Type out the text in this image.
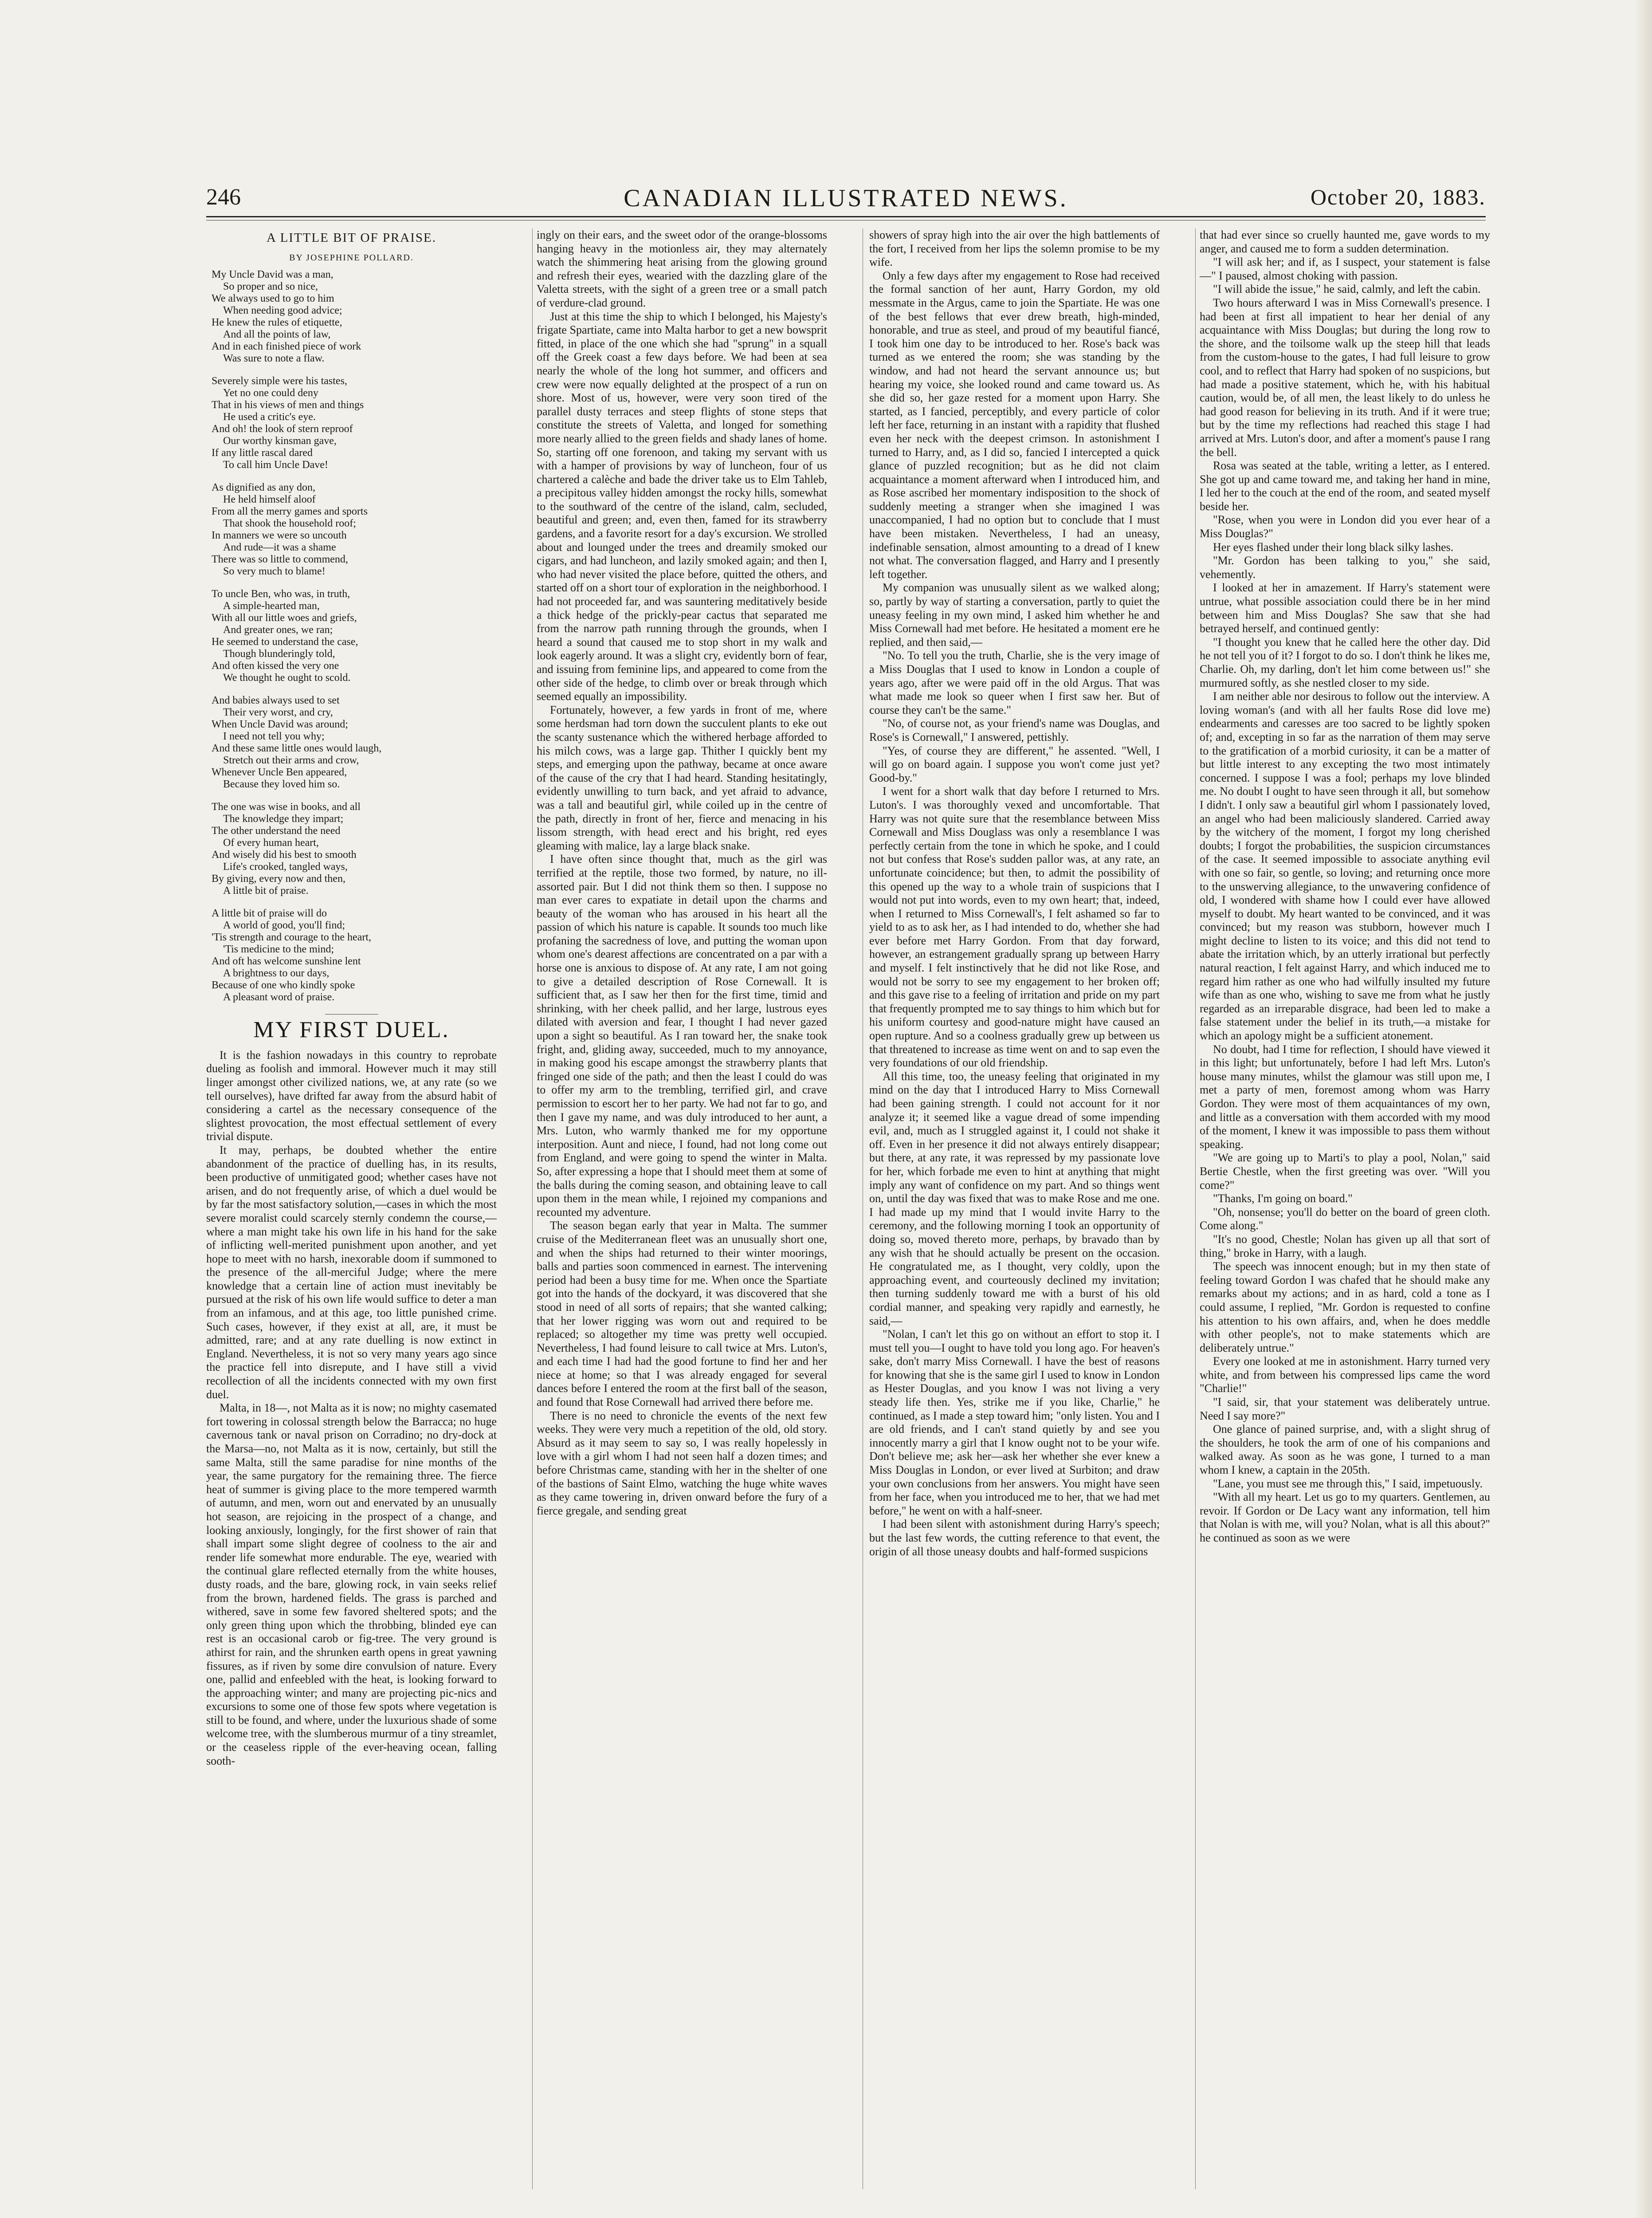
246	CANADIAN ILLUSTRATED NEWS.	October 20, 1883.
A LITTLE BIT OF PRAISE.
BY JOSEPHINE POLLARD.
My Uncle David was a man,
So proper and so nice,
We always used to go to him
When needing good advice;
He knew the rules of etiquette,
And all the points of law,
And in each finished piece of work
Was sure to note a flaw.
Severely simple were his tastes,
Yet no one could deny
That in his views of men and things
He used a critic's eye.
And oh! the look of stern reproof
Our worthy kinsman gave,
If any little rascal dared
To call him Uncle Dave!
As dignified as any don,
He held himself aloof
From all the merry games and sports
That shook the household roof;
In manners we were so uncouth
And rude—it was a shame
There was so little to commend,
So very much to blame!
To uncle Ben, who was, in truth,
A simple-hearted man,
With all our little woes and griefs,
And greater ones, we ran;
He seemed to understand the case,
Though blunderingly told,
And often kissed the very one
We thought he ought to scold.
And babies always used to set
Their very worst, and cry,
When Uncle David was around;
I need not tell you why;
And these same little ones would laugh,
Stretch out their arms and crow,
Whenever Uncle Ben appeared,
Because they loved him so.
The one was wise in books, and all
The knowledge they impart;
The other understand the need
Of every human heart,
And wisely did his best to smooth
Life's crooked, tangled ways,
By giving, every now and then,
A little bit of praise.
A little bit of praise will do
A world of good, you'll find;
'Tis strength and courage to the heart,
'Tis medicine to the mind;
And oft has welcome sunshine lent
A brightness to our days,
Because of one who kindly spoke
A pleasant word of praise.
MY FIRST DUEL.

It is the fashion nowadays in this country to reprobate dueling as foolish and immoral. However much it may still linger amongst other civilized nations, we, at any rate (so we tell ourselves), have drifted far away from the absurd habit of considering a cartel as the necessary consequence of the slightest provocation, the most effectual settlement of every trivial dispute.

It may, perhaps, be doubted whether the entire abandonment of the practice of duelling has, in its results, been productive of unmitigated good; whether cases have not arisen, and do not frequently arise, of which a duel would be by far the most satisfactory solution,—cases in which the most severe moralist could scarcely sternly condemn the course,—where a man might take his own life in his hand for the sake of inflicting well-merited punishment upon another, and yet hope to meet with no harsh, inexorable doom if summoned to the presence of the all-merciful Judge; where the mere knowledge that a certain line of action must inevitably be pursued at the risk of his own life would suffice to deter a man from an infamous, and at this age, too little punished crime. Such cases, however, if they exist at all, are, it must be admitted, rare; and at any rate duelling is now extinct in England. Nevertheless, it is not so very many years ago since the practice fell into disrepute, and I have still a vivid recollection of all the incidents connected with my own first duel.

Malta, in 18—, not Malta as it is now; no mighty casemated fort towering in colossal strength below the Barracca; no huge cavernous tank or naval prison on Corradino; no dry-dock at the Marsa—no, not Malta as it is now, certainly, but still the same Malta, still the same paradise for nine months of the year, the same purgatory for the remaining three. The fierce heat of summer is giving place to the more tempered warmth of autumn, and men, worn out and enervated by an unusually hot season, are rejoicing in the prospect of a change, and looking anxiously, longingly, for the first shower of rain that shall impart some slight degree of coolness to the air and render life somewhat more endurable. The eye, wearied with the continual glare reflected eternally from the white houses, dusty roads, and the bare, glowing rock, in vain seeks relief from the brown, hardened fields. The grass is parched and withered, save in some few favored sheltered spots; and the only green thing upon which the throbbing, blinded eye can rest is an occasional carob or fig-tree. The very ground is athirst for rain, and the shrunken earth opens in great yawning fissures, as if riven by some dire convulsion of nature. Every one, pallid and enfeebled with the heat, is looking forward to the approaching winter; and many are projecting pic-nics and excursions to some one of those few spots where vegetation is still to be found, and where, under the luxurious shade of some welcome tree, with the slumberous murmur of a tiny streamlet, or the ceaseless ripple of the ever-heaving ocean, falling sooth-

ingly on their ears, and the sweet odor of the orange-blossoms hanging heavy in the motionless air, they may alternately watch the shimmering heat arising from the glowing ground and refresh their eyes, wearied with the dazzling glare of the Valetta streets, with the sight of a green tree or a small patch of verdure-clad ground.

Just at this time the ship to which I belonged, his Majesty's frigate Spartiate, came into Malta harbor to get a new bowsprit fitted, in place of the one which she had "sprung" in a squall off the Greek coast a few days before. We had been at sea nearly the whole of the long hot summer, and officers and crew were now equally delighted at the prospect of a run on shore. Most of us, however, were very soon tired of the parallel dusty terraces and steep flights of stone steps that constitute the streets of Valetta, and longed for something more nearly allied to the green fields and shady lanes of home. So, starting off one forenoon, and taking my servant with us with a hamper of provisions by way of luncheon, four of us chartered a calèche and bade the driver take us to Elm Tahleb, a precipitous valley hidden amongst the rocky hills, somewhat to the southward of the centre of the island, calm, secluded, beautiful and green; and, even then, famed for its strawberry gardens, and a favorite resort for a day's excursion. We strolled about and lounged under the trees and dreamily smoked our cigars, and had luncheon, and lazily smoked again; and then I, who had never visited the place before, quitted the others, and started off on a short tour of exploration in the neighborhood. I had not proceeded far, and was sauntering meditatively beside a thick hedge of the prickly-pear cactus that separated me from the narrow path running through the grounds, when I heard a sound that caused me to stop short in my walk and look eagerly around. It was a slight cry, evidently born of fear, and issuing from feminine lips, and appeared to come from the other side of the hedge, to climb over or break through which seemed equally an impossibility.

Fortunately, however, a few yards in front of me, where some herdsman had torn down the succulent plants to eke out the scanty sustenance which the withered herbage afforded to his milch cows, was a large gap. Thither I quickly bent my steps, and emerging upon the pathway, became at once aware of the cause of the cry that I had heard. Standing hesitatingly, evidently unwilling to turn back, and yet afraid to advance, was a tall and beautiful girl, while coiled up in the centre of the path, directly in front of her, fierce and menacing in his lissom strength, with head erect and his bright, red eyes gleaming with malice, lay a large black snake.

I have often since thought that, much as the girl was terrified at the reptile, those two formed, by nature, no ill-assorted pair. But I did not think them so then. I suppose no man ever cares to expatiate in detail upon the charms and beauty of the woman who has aroused in his heart all the passion of which his nature is capable. It sounds too much like profaning the sacredness of love, and putting the woman upon whom one's dearest affections are concentrated on a par with a horse one is anxious to dispose of. At any rate, I am not going to give a detailed description of Rose Cornewall. It is sufficient that, as I saw her then for the first time, timid and shrinking, with her cheek pallid, and her large, lustrous eyes dilated with aversion and fear, I thought I had never gazed upon a sight so beautiful. As I ran toward her, the snake took fright, and, gliding away, succeeded, much to my annoyance, in making good his escape amongst the strawberry plants that fringed one side of the path; and then the least I could do was to offer my arm to the trembling, terrified girl, and crave permission to escort her to her party. We had not far to go, and then I gave my name, and was duly introduced to her aunt, a Mrs. Luton, who warmly thanked me for my opportune interposition. Aunt and niece, I found, had not long come out from England, and were going to spend the winter in Malta. So, after expressing a hope that I should meet them at some of the balls during the coming season, and obtaining leave to call upon them in the mean while, I rejoined my companions and recounted my adventure.

The season began early that year in Malta. The summer cruise of the Mediterranean fleet was an unusually short one, and when the ships had returned to their winter moorings, balls and parties soon commenced in earnest. The intervening period had been a busy time for me. When once the Spartiate got into the hands of the dockyard, it was discovered that she stood in need of all sorts of repairs; that she wanted calking; that her lower rigging was worn out and required to be replaced; so altogether my time was pretty well occupied. Nevertheless, I had found leisure to call twice at Mrs. Luton's, and each time I had had the good fortune to find her and her niece at home; so that I was already engaged for several dances before I entered the room at the first ball of the season, and found that Rose Cornewall had arrived there before me.

There is no need to chronicle the events of the next few weeks. They were very much a repetition of the old, old story. Absurd as it may seem to say so, I was really hopelessly in love with a girl whom I had not seen half a dozen times; and before Christmas came, standing with her in the shelter of one of the bastions of Saint Elmo, watching the huge white waves as they came towering in, driven onward before the fury of a fierce gregale, and sending great

showers of spray high into the air over the high battlements of the fort, I received from her lips the solemn promise to be my wife.

Only a few days after my engagement to Rose had received the formal sanction of her aunt, Harry Gordon, my old messmate in the Argus, came to join the Spartiate. He was one of the best fellows that ever drew breath, high-minded, honorable, and true as steel, and proud of my beautiful fiancé, I took him one day to be introduced to her. Rose's back was turned as we entered the room; she was standing by the window, and had not heard the servant announce us; but hearing my voice, she looked round and came toward us. As she did so, her gaze rested for a moment upon Harry. She started, as I fancied, perceptibly, and every particle of color left her face, returning in an instant with a rapidity that flushed even her neck with the deepest crimson. In astonishment I turned to Harry, and, as I did so, fancied I intercepted a quick glance of puzzled recognition; but as he did not claim acquaintance a moment afterward when I introduced him, and as Rose ascribed her momentary indisposition to the shock of suddenly meeting a stranger when she imagined I was unaccompanied, I had no option but to conclude that I must have been mistaken. Nevertheless, I had an uneasy, indefinable sensation, almost amounting to a dread of I knew not what. The conversation flagged, and Harry and I presently left together.

My companion was unusually silent as we walked along; so, partly by way of starting a conversation, partly to quiet the uneasy feeling in my own mind, I asked him whether he and Miss Cornewall had met before. He hesitated a moment ere he replied, and then said,—

"No. To tell you the truth, Charlie, she is the very image of a Miss Douglas that I used to know in London a couple of years ago, after we were paid off in the old Argus. That was what made me look so queer when I first saw her. But of course they can't be the same."

"No, of course not, as your friend's name was Douglas, and Rose's is Cornewall," I answered, pettishly.

"Yes, of course they are different," he assented. "Well, I will go on board again. I suppose you won't come just yet? Good-by."

I went for a short walk that day before I returned to Mrs. Luton's. I was thoroughly vexed and uncomfortable. That Harry was not quite sure that the resemblance between Miss Cornewall and Miss Douglass was only a resemblance I was perfectly certain from the tone in which he spoke, and I could not but confess that Rose's sudden pallor was, at any rate, an unfortunate coincidence; but then, to admit the possibility of this opened up the way to a whole train of suspicions that I would not put into words, even to my own heart; that, indeed, when I returned to Miss Cornewall's, I felt ashamed so far to yield to as to ask her, as I had intended to do, whether she had ever before met Harry Gordon. From that day forward, however, an estrangement gradually sprang up between Harry and myself. I felt instinctively that he did not like Rose, and would not be sorry to see my engagement to her broken off; and this gave rise to a feeling of irritation and pride on my part that frequently prompted me to say things to him which but for his uniform courtesy and good-nature might have caused an open rupture. And so a coolness gradually grew up between us that threatened to increase as time went on and to sap even the very foundations of our old friendship.

All this time, too, the uneasy feeling that originated in my mind on the day that I introduced Harry to Miss Cornewall had been gaining strength. I could not account for it nor analyze it; it seemed like a vague dread of some impending evil, and, much as I struggled against it, I could not shake it off. Even in her presence it did not always entirely disappear; but there, at any rate, it was repressed by my passionate love for her, which forbade me even to hint at anything that might imply any want of confidence on my part. And so things went on, until the day was fixed that was to make Rose and me one. I had made up my mind that I would invite Harry to the ceremony, and the following morning I took an opportunity of doing so, moved thereto more, perhaps, by bravado than by any wish that he should actually be present on the occasion. He congratulated me, as I thought, very coldly, upon the approaching event, and courteously declined my invitation; then turning suddenly toward me with a burst of his old cordial manner, and speaking very rapidly and earnestly, he said,—

"Nolan, I can't let this go on without an effort to stop it. I must tell you—I ought to have told you long ago. For heaven's sake, don't marry Miss Cornewall. I have the best of reasons for knowing that she is the same girl I used to know in London as Hester Douglas, and you know I was not living a very steady life then. Yes, strike me if you like, Charlie," he continued, as I made a step toward him; "only listen. You and I are old friends, and I can't stand quietly by and see you innocently marry a girl that I know ought not to be your wife. Don't believe me; ask her—ask her whether she ever knew a Miss Douglas in London, or ever lived at Surbiton; and draw your own conclusions from her answers. You might have seen from her face, when you introduced me to her, that we had met before," he went on with a half-sneer.

I had been silent with astonishment during Harry's speech; but the last few words, the cutting reference to that event, the origin of all those uneasy doubts and half-formed suspicions

that had ever since so cruelly haunted me, gave words to my anger, and caused me to form a sudden determination.

"I will ask her; and if, as I suspect, your statement is false—" I paused, almost choking with passion.

"I will abide the issue," he said, calmly, and left the cabin.

Two hours afterward I was in Miss Cornewall's presence. I had been at first all impatient to hear her denial of any acquaintance with Miss Douglas; but during the long row to the shore, and the toilsome walk up the steep hill that leads from the custom-house to the gates, I had full leisure to grow cool, and to reflect that Harry had spoken of no suspicions, but had made a positive statement, which he, with his habitual caution, would be, of all men, the least likely to do unless he had good reason for believing in its truth. And if it were true; but by the time my reflections had reached this stage I had arrived at Mrs. Luton's door, and after a moment's pause I rang the bell.

Rosa was seated at the table, writing a letter, as I entered. She got up and came toward me, and taking her hand in mine, I led her to the couch at the end of the room, and seated myself beside her.

"Rose, when you were in London did you ever hear of a Miss Douglas?"

Her eyes flashed under their long black silky lashes.

"Mr. Gordon has been talking to you," she said, vehemently.

I looked at her in amazement. If Harry's statement were untrue, what possible association could there be in her mind between him and Miss Douglas? She saw that she had betrayed herself, and continued gently:

"I thought you knew that he called here the other day. Did he not tell you of it? I forgot to do so. I don't think he likes me, Charlie. Oh, my darling, don't let him come between us!" she murmured softly, as she nestled closer to my side.

I am neither able nor desirous to follow out the interview. A loving woman's (and with all her faults Rose did love me) endearments and caresses are too sacred to be lightly spoken of; and, excepting in so far as the narration of them may serve to the gratification of a morbid curiosity, it can be a matter of but little interest to any excepting the two most intimately concerned. I suppose I was a fool; perhaps my love blinded me. No doubt I ought to have seen through it all, but somehow I didn't. I only saw a beautiful girl whom I passionately loved, an angel who had been maliciously slandered. Carried away by the witchery of the moment, I forgot my long cherished doubts; I forgot the probabilities, the suspicion circumstances of the case. It seemed impossible to associate anything evil with one so fair, so gentle, so loving; and returning once more to the unswerving allegiance, to the unwavering confidence of old, I wondered with shame how I could ever have allowed myself to doubt. My heart wanted to be convinced, and it was convinced; but my reason was stubborn, however much I might decline to listen to its voice; and this did not tend to abate the irritation which, by an utterly irrational but perfectly natural reaction, I felt against Harry, and which induced me to regard him rather as one who had wilfully insulted my future wife than as one who, wishing to save me from what he justly regarded as an irreparable disgrace, had been led to make a false statement under the belief in its truth,—a mistake for which an apology might be a sufficient atonement.

No doubt, had I time for reflection, I should have viewed it in this light; but unfortunately, before I had left Mrs. Luton's house many minutes, whilst the glamour was still upon me, I met a party of men, foremost among whom was Harry Gordon. They were most of them acquaintances of my own, and little as a conversation with them accorded with my mood of the moment, I knew it was impossible to pass them without speaking.

"We are going up to Marti's to play a pool, Nolan," said Bertie Chestle, when the first greeting was over. "Will you come?"

"Thanks, I'm going on board."

"Oh, nonsense; you'll do better on the board of green cloth. Come along."

"It's no good, Chestle; Nolan has given up all that sort of thing," broke in Harry, with a laugh.

The speech was innocent enough; but in my then state of feeling toward Gordon I was chafed that he should make any remarks about my actions; and in as hard, cold a tone as I could assume, I replied, "Mr. Gordon is requested to confine his attention to his own affairs, and, when he does meddle with other people's, not to make statements which are deliberately untrue."

Every one looked at me in astonishment. Harry turned very white, and from between his compressed lips came the word "Charlie!"

"I said, sir, that your statement was deliberately untrue. Need I say more?"

One glance of pained surprise, and, with a slight shrug of the shoulders, he took the arm of one of his companions and walked away. As soon as he was gone, I turned to a man whom I knew, a captain in the 205th.

"Lane, you must see me through this," I said, impetuously.

"With all my heart. Let us go to my quarters. Gentlemen, au revoir. If Gordon or De Lacy want any information, tell him that Nolan is with me, will you? Nolan, what is all this about?" he continued as soon as we were
